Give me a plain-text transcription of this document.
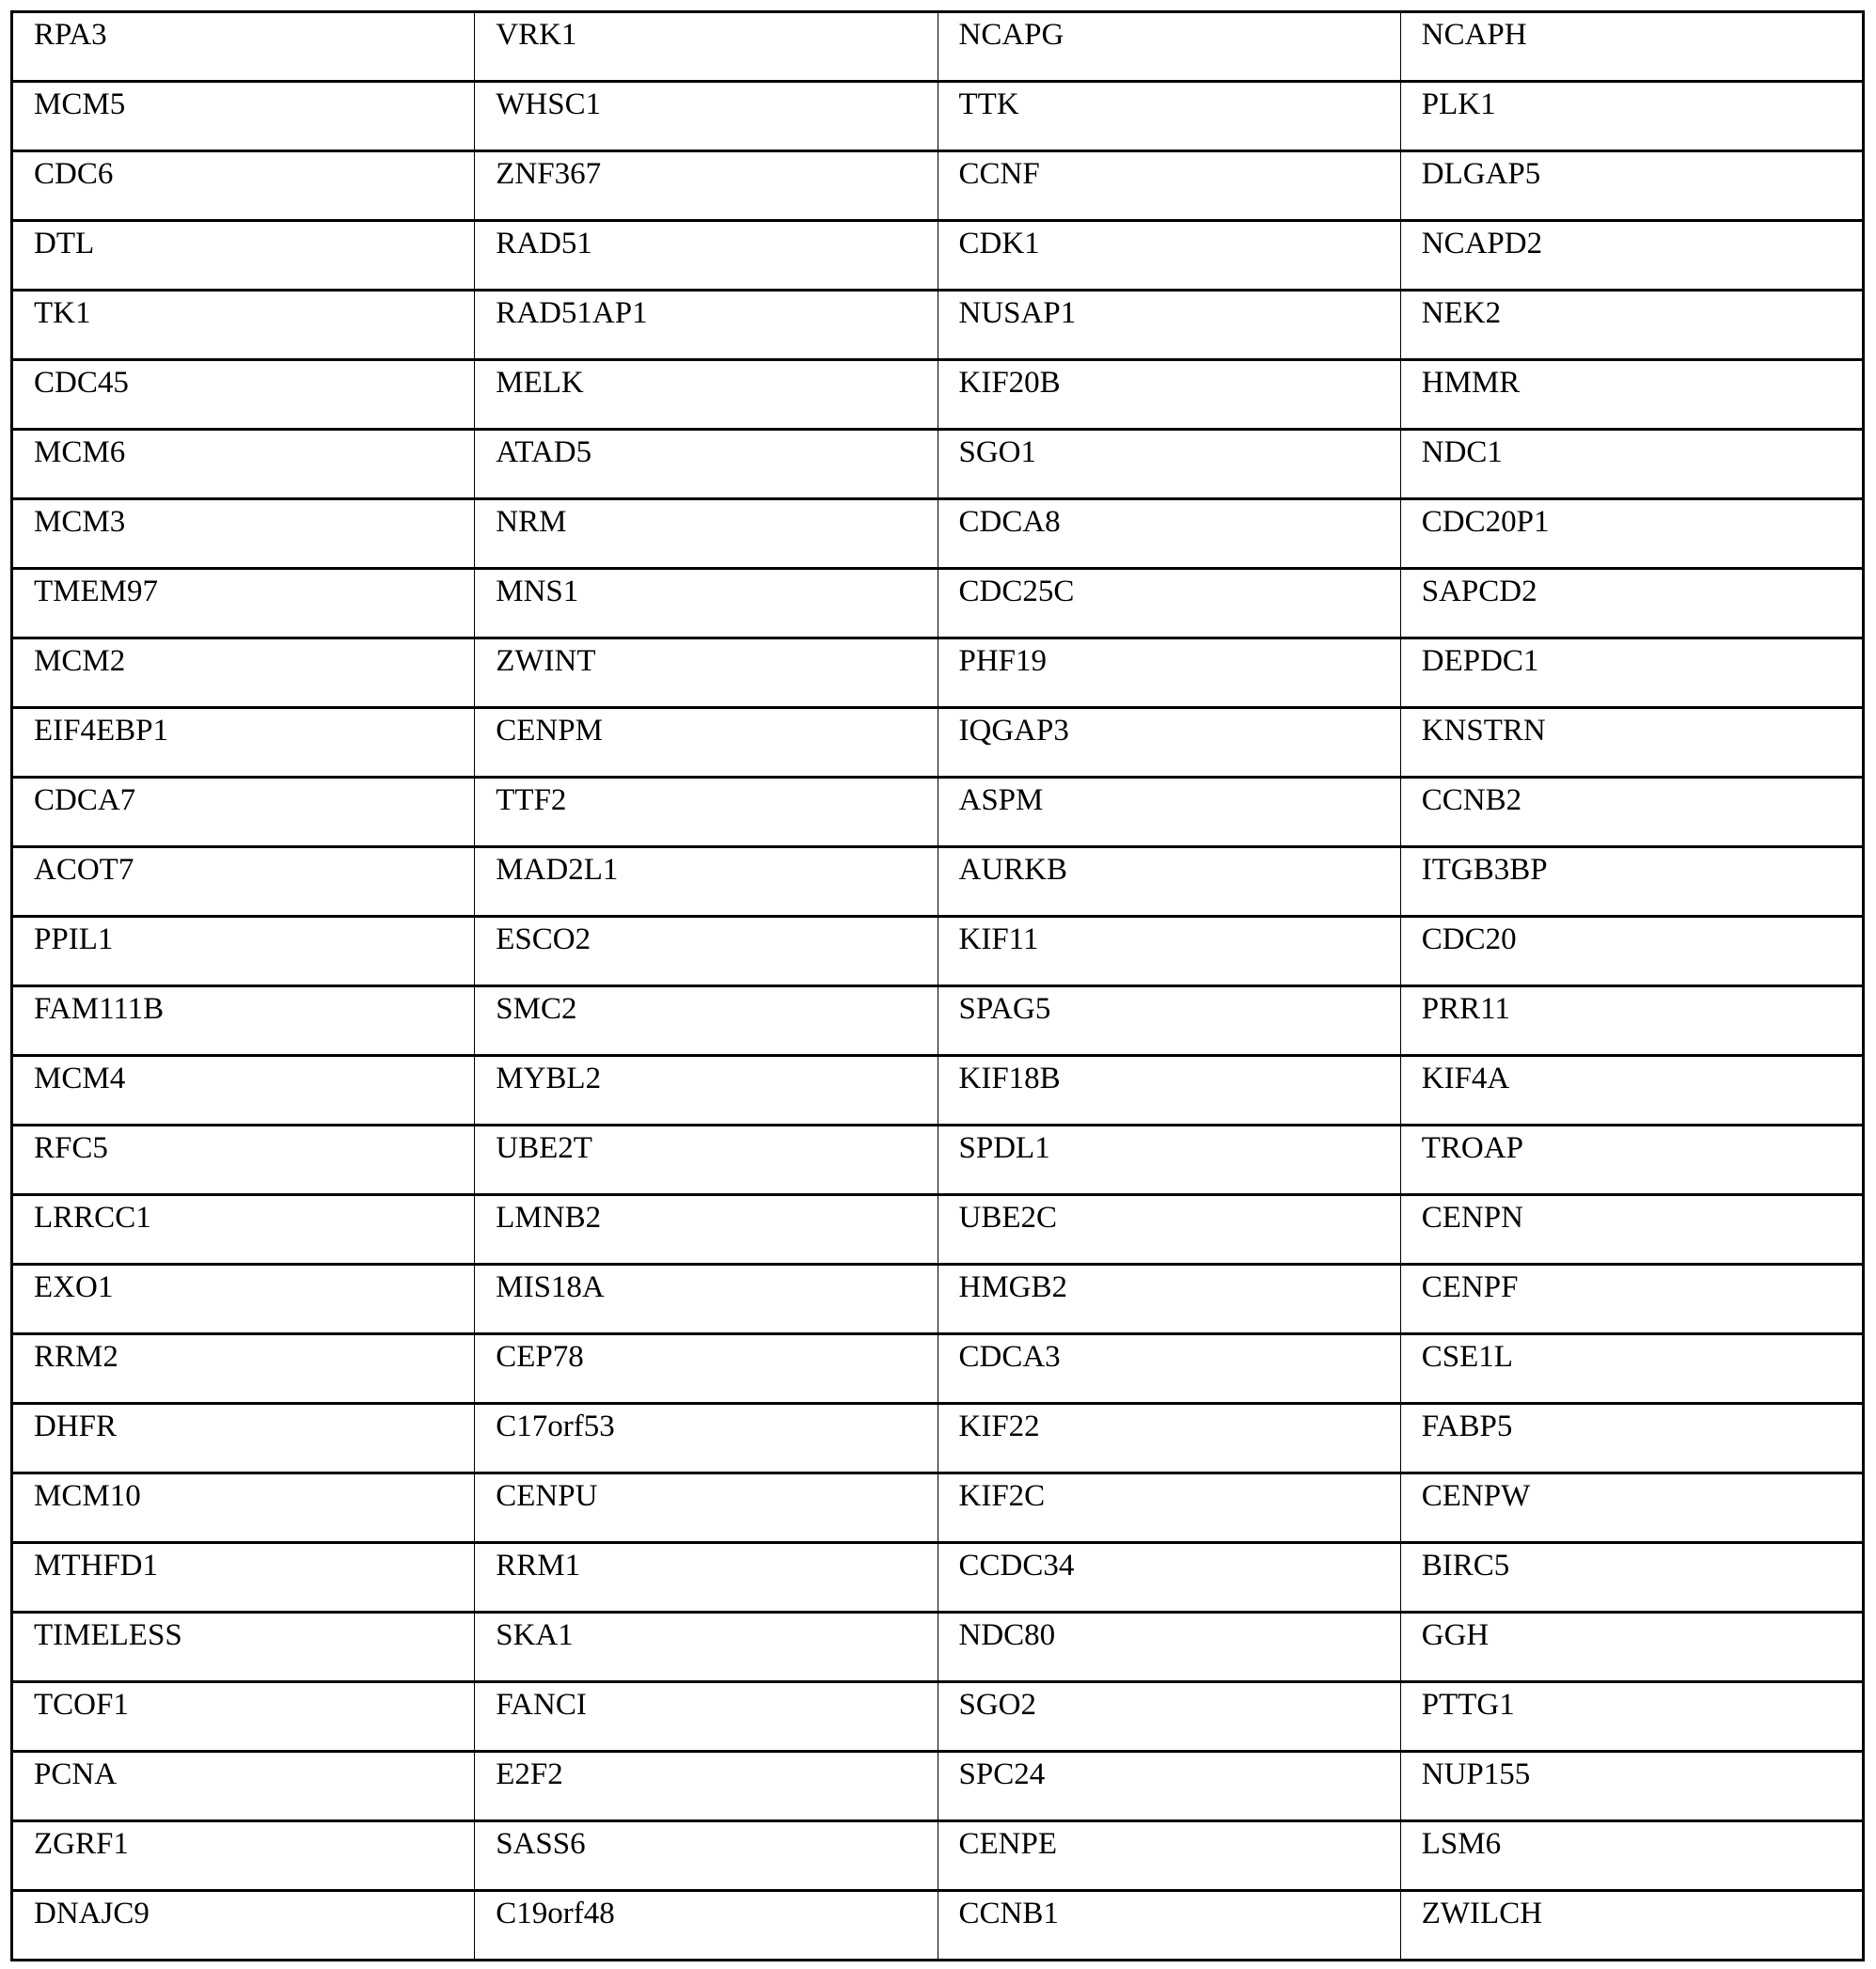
RPA3	VRK1	NCAPG	NCAPH
MCM5	WHSC1	TTK	PLK1
CDC6	ZNF367	CCNF	DLGAP5
DTL	RAD51	CDK1	NCAPD2
TK1	RAD51AP1	NUSAP1	NEK2
CDC45	MELK	KIF20B	HMMR
MCM6	ATAD5	SGO1	NDC1
MCM3	NRM	CDCA8	CDC20P1
TMEM97	MNS1	CDC25C	SAPCD2
MCM2	ZWINT	PHF19	DEPDC1
EIF4EBP1	CENPM	IQGAP3	KNSTRN
CDCA7	TTF2	ASPM	CCNB2
ACOT7	MAD2L1	AURKB	ITGB3BP
PPIL1	ESCO2	KIF11	CDC20
FAM111B	SMC2	SPAG5	PRR11
MCM4	MYBL2	KIF18B	KIF4A
RFC5	UBE2T	SPDL1	TROAP
LRRCC1	LMNB2	UBE2C	CENPN
EXO1	MIS18A	HMGB2	CENPF
RRM2	CEP78	CDCA3	CSE1L
DHFR	C17orf53	KIF22	FABP5
MCM10	CENPU	KIF2C	CENPW
MTHFD1	RRM1	CCDC34	BIRC5
TIMELESS	SKA1	NDC80	GGH
TCOF1	FANCI	SGO2	PTTG1
PCNA	E2F2	SPC24	NUP155
ZGRF1	SASS6	CENPE	LSM6
DNAJC9	C19orf48	CCNB1	ZWILCH
